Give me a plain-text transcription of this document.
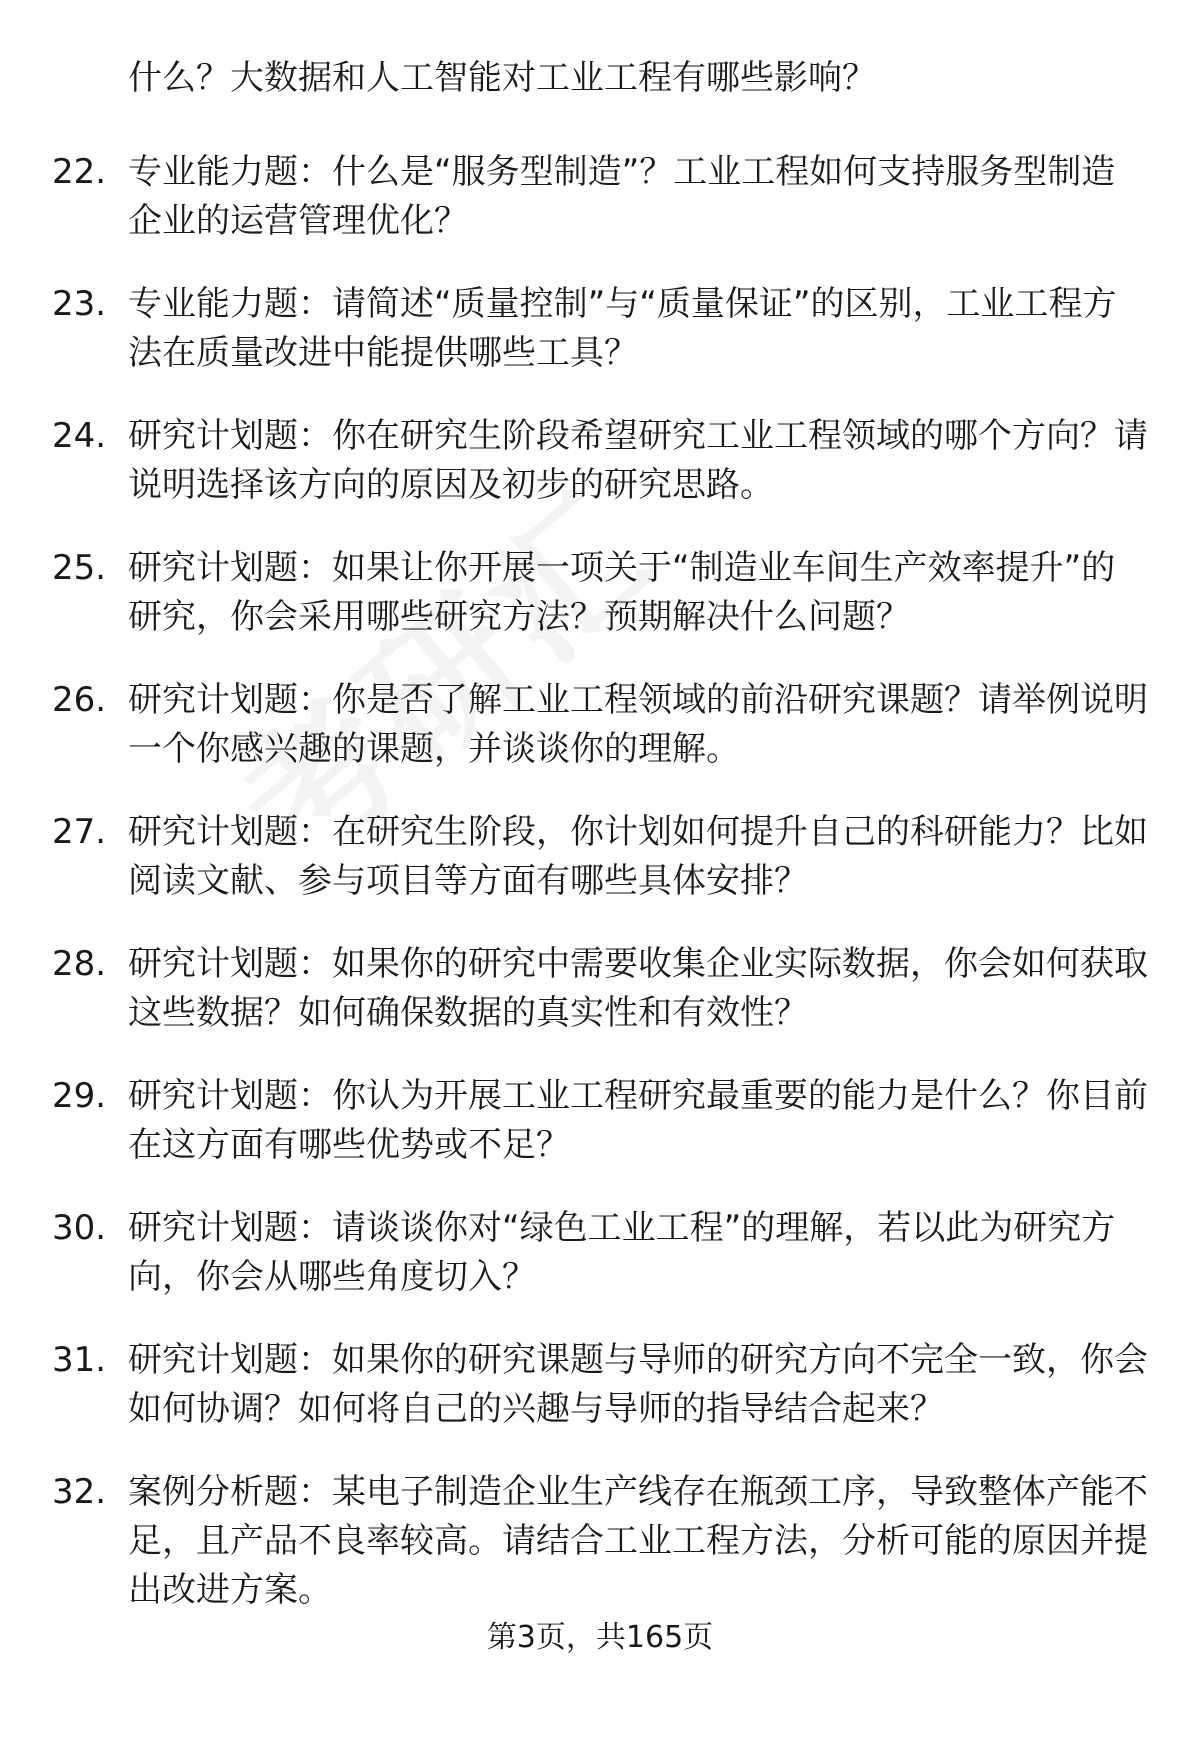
什么？大数据和人工智能对工业工程有哪些影响？
22. 专业能力题：什么是“服务型制造”？工业工程如何支持服务型制造企业的运营管理优化？
23. 专业能力题：请简述“质量控制”与“质量保证”的区别，工业工程方法在质量改进中能提供哪些工具？
24. 研究计划题：你在研究生阶段希望研究工业工程领域的哪个方向？请说明选择该方向的原因及初步的研究思路。
25. 研究计划题：如果让你开展一项关于“制造业车间生产效率提升”的研究，你会采用哪些研究方法？预期解决什么问题？
26. 研究计划题：你是否了解工业工程领域的前沿研究课题？请举例说明一个你感兴趣的课题，并谈谈你的理解。
27. 研究计划题：在研究生阶段，你计划如何提升自己的科研能力？比如阅读文献、参与项目等方面有哪些具体安排？
28. 研究计划题：如果你的研究中需要收集企业实际数据，你会如何获取这些数据？如何确保数据的真实性和有效性？
29. 研究计划题：你认为开展工业工程研究最重要的能力是什么？你目前在这方面有哪些优势或不足？
30. 研究计划题：请谈谈你对“绿色工业工程”的理解，若以此为研究方向，你会从哪些角度切入？
31. 研究计划题：如果你的研究课题与导师的研究方向不完全一致，你会如何协调？如何将自己的兴趣与导师的指导结合起来？
32. 案例分析题：某电子制造企业生产线存在瓶颈工序，导致整体产能不足，且产品不良率较高。请结合工业工程方法，分析可能的原因并提出改进方案。
第3页，共165页
